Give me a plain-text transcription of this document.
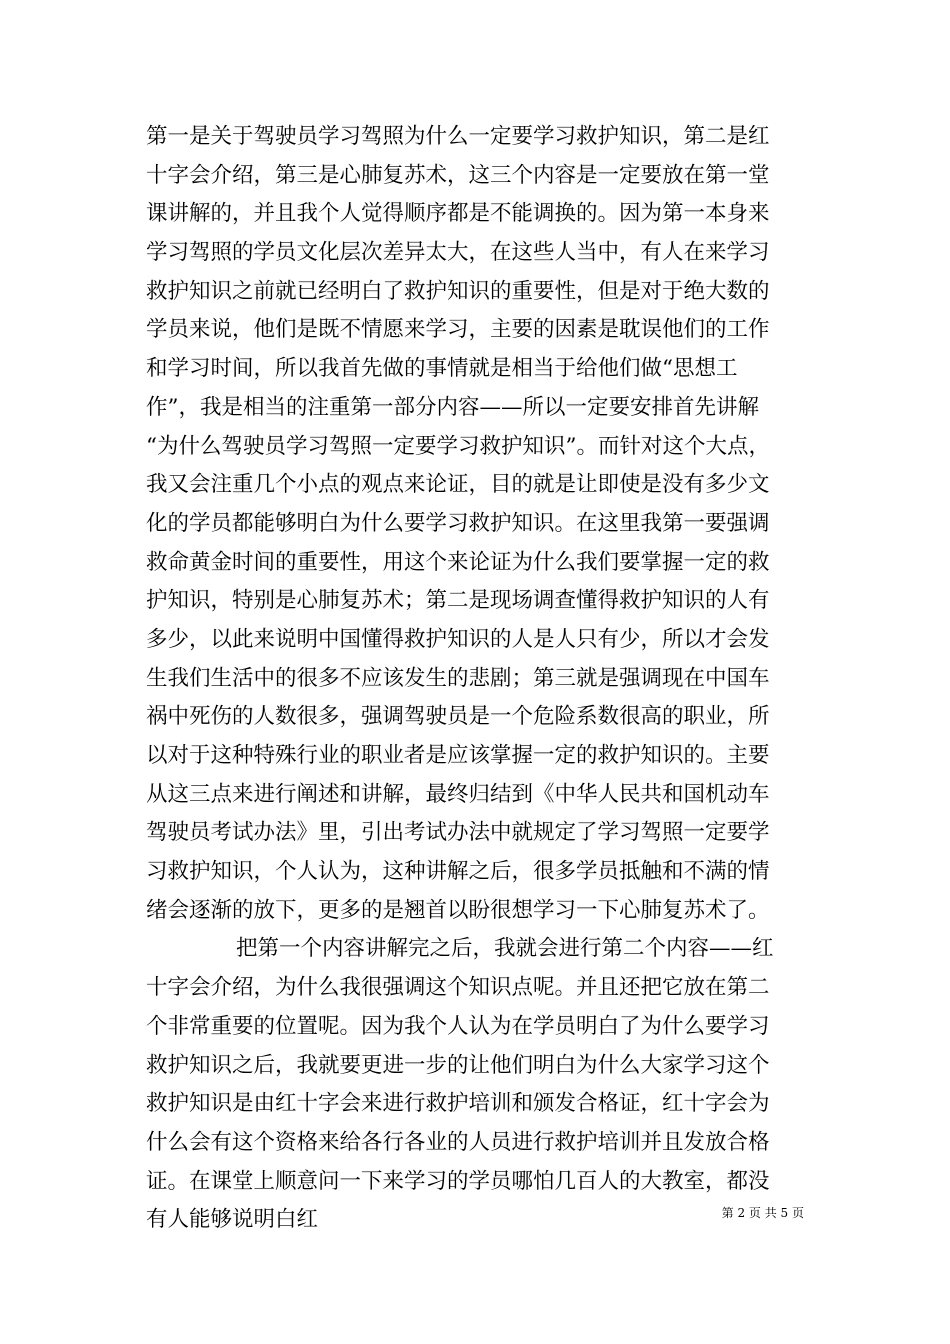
第一是关于驾驶员学习驾照为什么一定要学习救护知识，第二是红
十字会介绍，第三是心肺复苏术，这三个内容是一定要放在第一堂
课讲解的，并且我个人觉得顺序都是不能调换的。因为第一本身来
学习驾照的学员文化层次差异太大，在这些人当中，有人在来学习
救护知识之前就已经明白了救护知识的重要性，但是对于绝大数的
学员来说，他们是既不情愿来学习，主要的因素是耽误他们的工作
和学习时间，所以我首先做的事情就是相当于给他们做“思想工
作”，我是相当的注重第一部分内容——所以一定要安排首先讲解
“为什么驾驶员学习驾照一定要学习救护知识”。而针对这个大点，
我又会注重几个小点的观点来论证，目的就是让即使是没有多少文
化的学员都能够明白为什么要学习救护知识。在这里我第一要强调
救命黄金时间的重要性，用这个来论证为什么我们要掌握一定的救
护知识，特别是心肺复苏术；第二是现场调查懂得救护知识的人有
多少，以此来说明中国懂得救护知识的人是人只有少，所以才会发
生我们生活中的很多不应该发生的悲剧；第三就是强调现在中国车
祸中死伤的人数很多，强调驾驶员是一个危险系数很高的职业，所
以对于这种特殊行业的职业者是应该掌握一定的救护知识的。主要
从这三点来进行阐述和讲解，最终归结到《中华人民共和国机动车
驾驶员考试办法》里，引出考试办法中就规定了学习驾照一定要学
习救护知识，个人认为，这种讲解之后，很多学员抵触和不满的情
绪会逐渐的放下，更多的是翘首以盼很想学习一下心肺复苏术了。
把第一个内容讲解完之后，我就会进行第二个内容——红
十字会介绍，为什么我很强调这个知识点呢。并且还把它放在第二
个非常重要的位置呢。因为我个人认为在学员明白了为什么要学习
救护知识之后，我就要更进一步的让他们明白为什么大家学习这个
救护知识是由红十字会来进行救护培训和颁发合格证，红十字会为
什么会有这个资格来给各行各业的人员进行救护培训并且发放合格
证。在课堂上顺意问一下来学习的学员哪怕几百人的大教室，都没
有人能够说明白红	第 2 页 共 5 页
